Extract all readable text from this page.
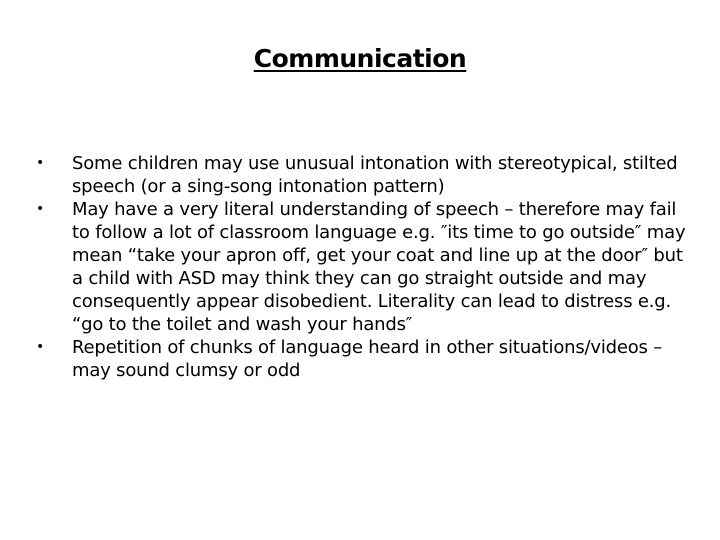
Communication
•	Some children may use unusual intonation with stereotypical, stilted speech (or a sing-song intonation pattern)
•	May have a very literal understanding of speech – therefore may fail to follow a lot of classroom language e.g. ″its time to go outside″ may mean “take your apron off, get your coat and line up at the door″ but a child with ASD may think they can go straight outside and may consequently appear disobedient. Literality can lead to distress e.g. “go to the toilet and wash your hands″
•	Repetition of chunks of language heard in other situations/videos – may sound clumsy or odd
